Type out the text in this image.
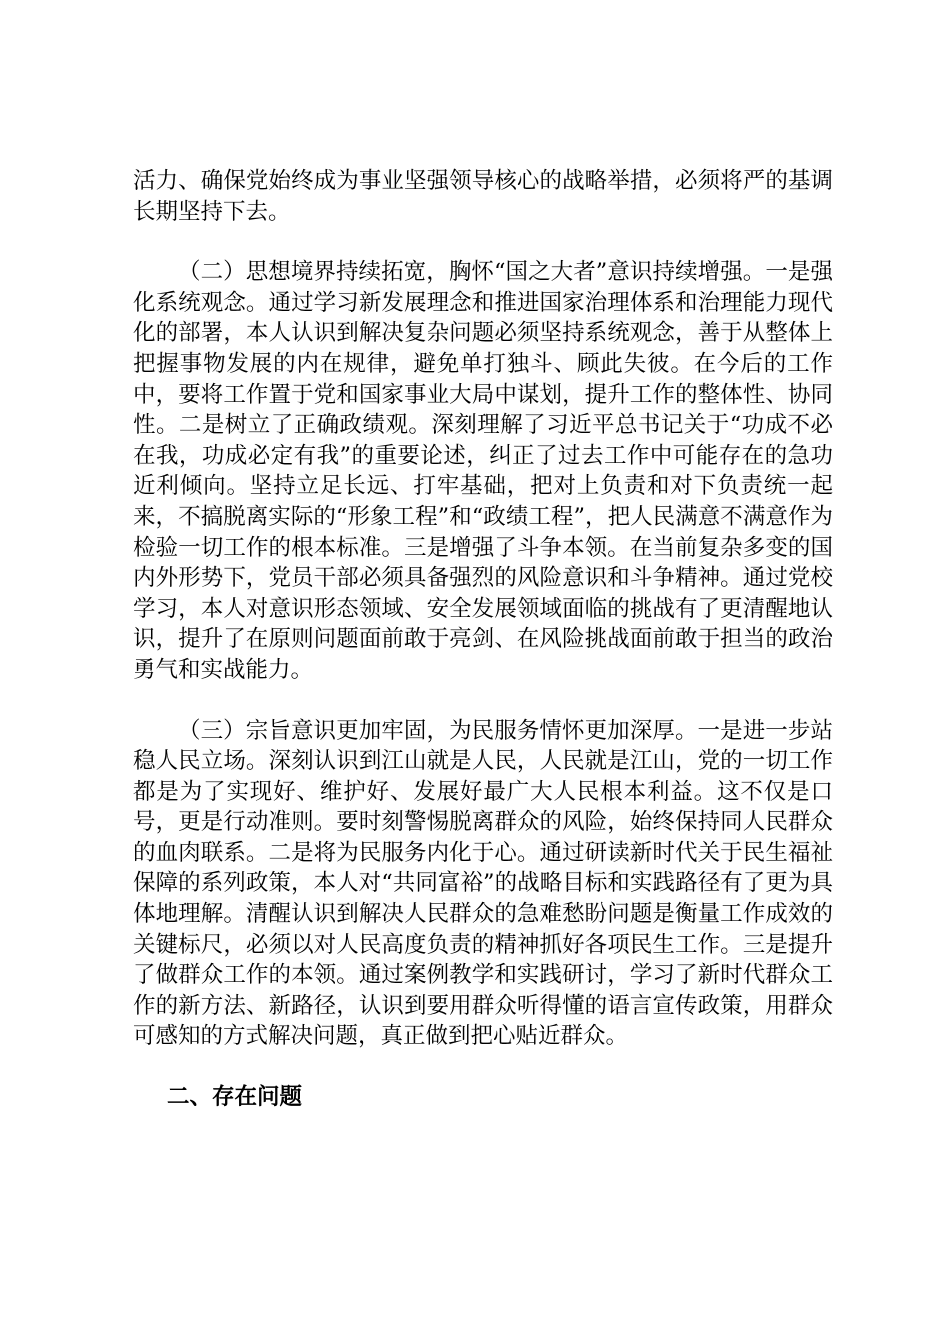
活力、确保党始终成为事业坚强领导核心的战略举措，必须将严的基调长期坚持下去。

（二）思想境界持续拓宽，胸怀“国之大者”意识持续增强。一是强化系统观念。通过学习新发展理念和推进国家治理体系和治理能力现代化的部署，本人认识到解决复杂问题必须坚持系统观念，善于从整体上把握事物发展的内在规律，避免单打独斗、顾此失彼。在今后的工作中，要将工作置于党和国家事业大局中谋划，提升工作的整体性、协同性。二是树立了正确政绩观。深刻理解了习近平总书记关于“功成不必在我，功成必定有我”的重要论述，纠正了过去工作中可能存在的急功近利倾向。坚持立足长远、打牢基础，把对上负责和对下负责统一起来，不搞脱离实际的“形象工程”和“政绩工程”，把人民满意不满意作为检验一切工作的根本标准。三是增强了斗争本领。在当前复杂多变的国内外形势下，党员干部必须具备强烈的风险意识和斗争精神。通过党校学习，本人对意识形态领域、安全发展领域面临的挑战有了更清醒地认识，提升了在原则问题面前敢于亮剑、在风险挑战面前敢于担当的政治勇气和实战能力。

（三）宗旨意识更加牢固，为民服务情怀更加深厚。一是进一步站稳人民立场。深刻认识到江山就是人民，人民就是江山，党的一切工作都是为了实现好、维护好、发展好最广大人民根本利益。这不仅是口号，更是行动准则。要时刻警惕脱离群众的风险，始终保持同人民群众的血肉联系。二是将为民服务内化于心。通过研读新时代关于民生福祉保障的系列政策，本人对“共同富裕”的战略目标和实践路径有了更为具体地理解。清醒认识到解决人民群众的急难愁盼问题是衡量工作成效的关键标尺，必须以对人民高度负责的精神抓好各项民生工作。三是提升了做群众工作的本领。通过案例教学和实践研讨，学习了新时代群众工作的新方法、新路径，认识到要用群众听得懂的语言宣传政策，用群众可感知的方式解决问题，真正做到把心贴近群众。

二、存在问题
